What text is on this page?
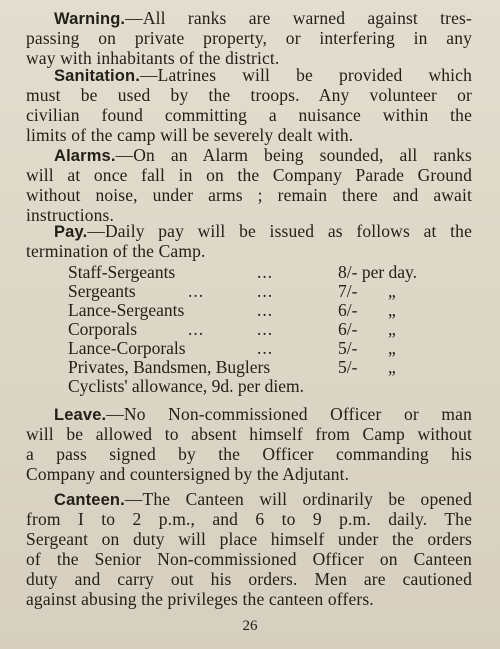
Warning.—All ranks are warned against tres-
passing on private property, or interfering in any
way with inhabitants of the district.
Sanitation.—Latrines will be provided which
must be used by the troops. Any volunteer or
civilian found committing a nuisance within the
limits of the camp will be severely dealt with.
Alarms.—On an Alarm being sounded, all ranks
will at once fall in on the Company Parade Ground
without noise, under arms ; remain there and await
instructions.
Pay.—Daily pay will be issued as follows at the
termination of the Camp.
Staff-Sergeants	...	8/- per day.
Sergeants	...	...	7/- „
Lance-Sergeants	...	6/- „
Corporals	...	...	6/- „
Lance-Corporals	...	5/- „
Privates, Bandsmen, Buglers	5/- „
Cyclists' allowance, 9d. per diem.
Leave.—No Non-commissioned Officer or man
will be allowed to absent himself from Camp without
a pass signed by the Officer commanding his
Company and countersigned by the Adjutant.
Canteen.—The Canteen will ordinarily be opened
from I to 2 p.m., and 6 to 9 p.m. daily. The
Sergeant on duty will place himself under the orders
of the Senior Non-commissioned Officer on Canteen
duty and carry out his orders. Men are cautioned
against abusing the privileges the canteen offers.
26
